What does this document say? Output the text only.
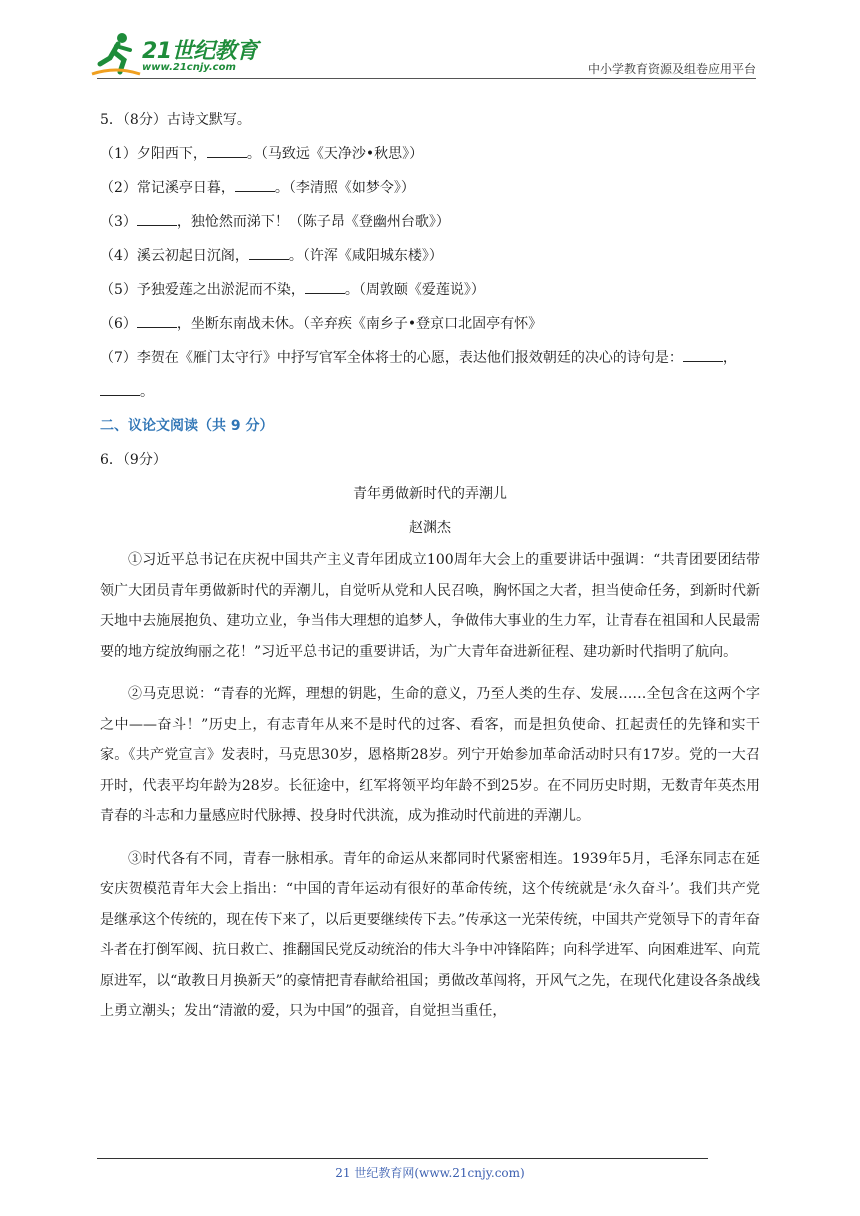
21世纪教育
www.21cnjy.com	中小学教育资源及组卷应用平台
5．（8分）古诗文默写。
（1）夕阳西下，	。（马致远《天净沙•秋思》）
（2）常记溪亭日暮，	。（李清照《如梦令》）
（3）	，独怆然而涕下！（陈子昂《登幽州台歌》）
（4）溪云初起日沉阁，	。（许浑《咸阳城东楼》）
（5）予独爱莲之出淤泥而不染，	。（周敦颐《爱莲说》）
（6）	，坐断东南战未休。（辛弃疾《南乡子•登京口北固亭有怀》
（7）李贺在《雁门太守行》中抒写官军全体将士的心愿，表达他们报效朝廷的决心的诗句是：	，。
二、议论文阅读（共 9 分）
6．（9分）
青年勇做新时代的弄潮儿
赵渊杰

①习近平总书记在庆祝中国共产主义青年团成立100周年大会上的重要讲话中强调：“共青团要团结带领广大团员青年勇做新时代的弄潮儿，自觉听从党和人民召唤，胸怀国之大者，担当使命任务，到新时代新天地中去施展抱负、建功立业，争当伟大理想的追梦人，争做伟大事业的生力军，让青春在祖国和人民最需要的地方绽放绚丽之花！”习近平总书记的重要讲话，为广大青年奋进新征程、建功新时代指明了航向。

②马克思说：“青春的光辉，理想的钥匙，生命的意义，乃至人类的生存、发展……全包含在这两个字之中——奋斗！”历史上，有志青年从来不是时代的过客、看客，而是担负使命、扛起责任的先锋和实干家。《共产党宣言》发表时，马克思30岁，恩格斯28岁。列宁开始参加革命活动时只有17岁。党的一大召开时，代表平均年龄为28岁。长征途中，红军将领平均年龄不到25岁。在不同历史时期，无数青年英杰用青春的斗志和力量感应时代脉搏、投身时代洪流，成为推动时代前进的弄潮儿。

③时代各有不同，青春一脉相承。青年的命运从来都同时代紧密相连。1939年5月，毛泽东同志在延安庆贺模范青年大会上指出：“中国的青年运动有很好的革命传统，这个传统就是‘永久奋斗’。我们共产党是继承这个传统的，现在传下来了，以后更要继续传下去。”传承这一光荣传统，中国共产党领导下的青年奋斗者在打倒军阀、抗日救亡、推翻国民党反动统治的伟大斗争中冲锋陷阵；向科学进军、向困难进军、向荒原进军，以“敢教日月换新天”的豪情把青春献给祖国；勇做改革闯将，开风气之先，在现代化建设各条战线上勇立潮头；发出“清澈的爱，只为中国”的强音，自觉担当重任，

21 世纪教育网(www.21cnjy.com)
